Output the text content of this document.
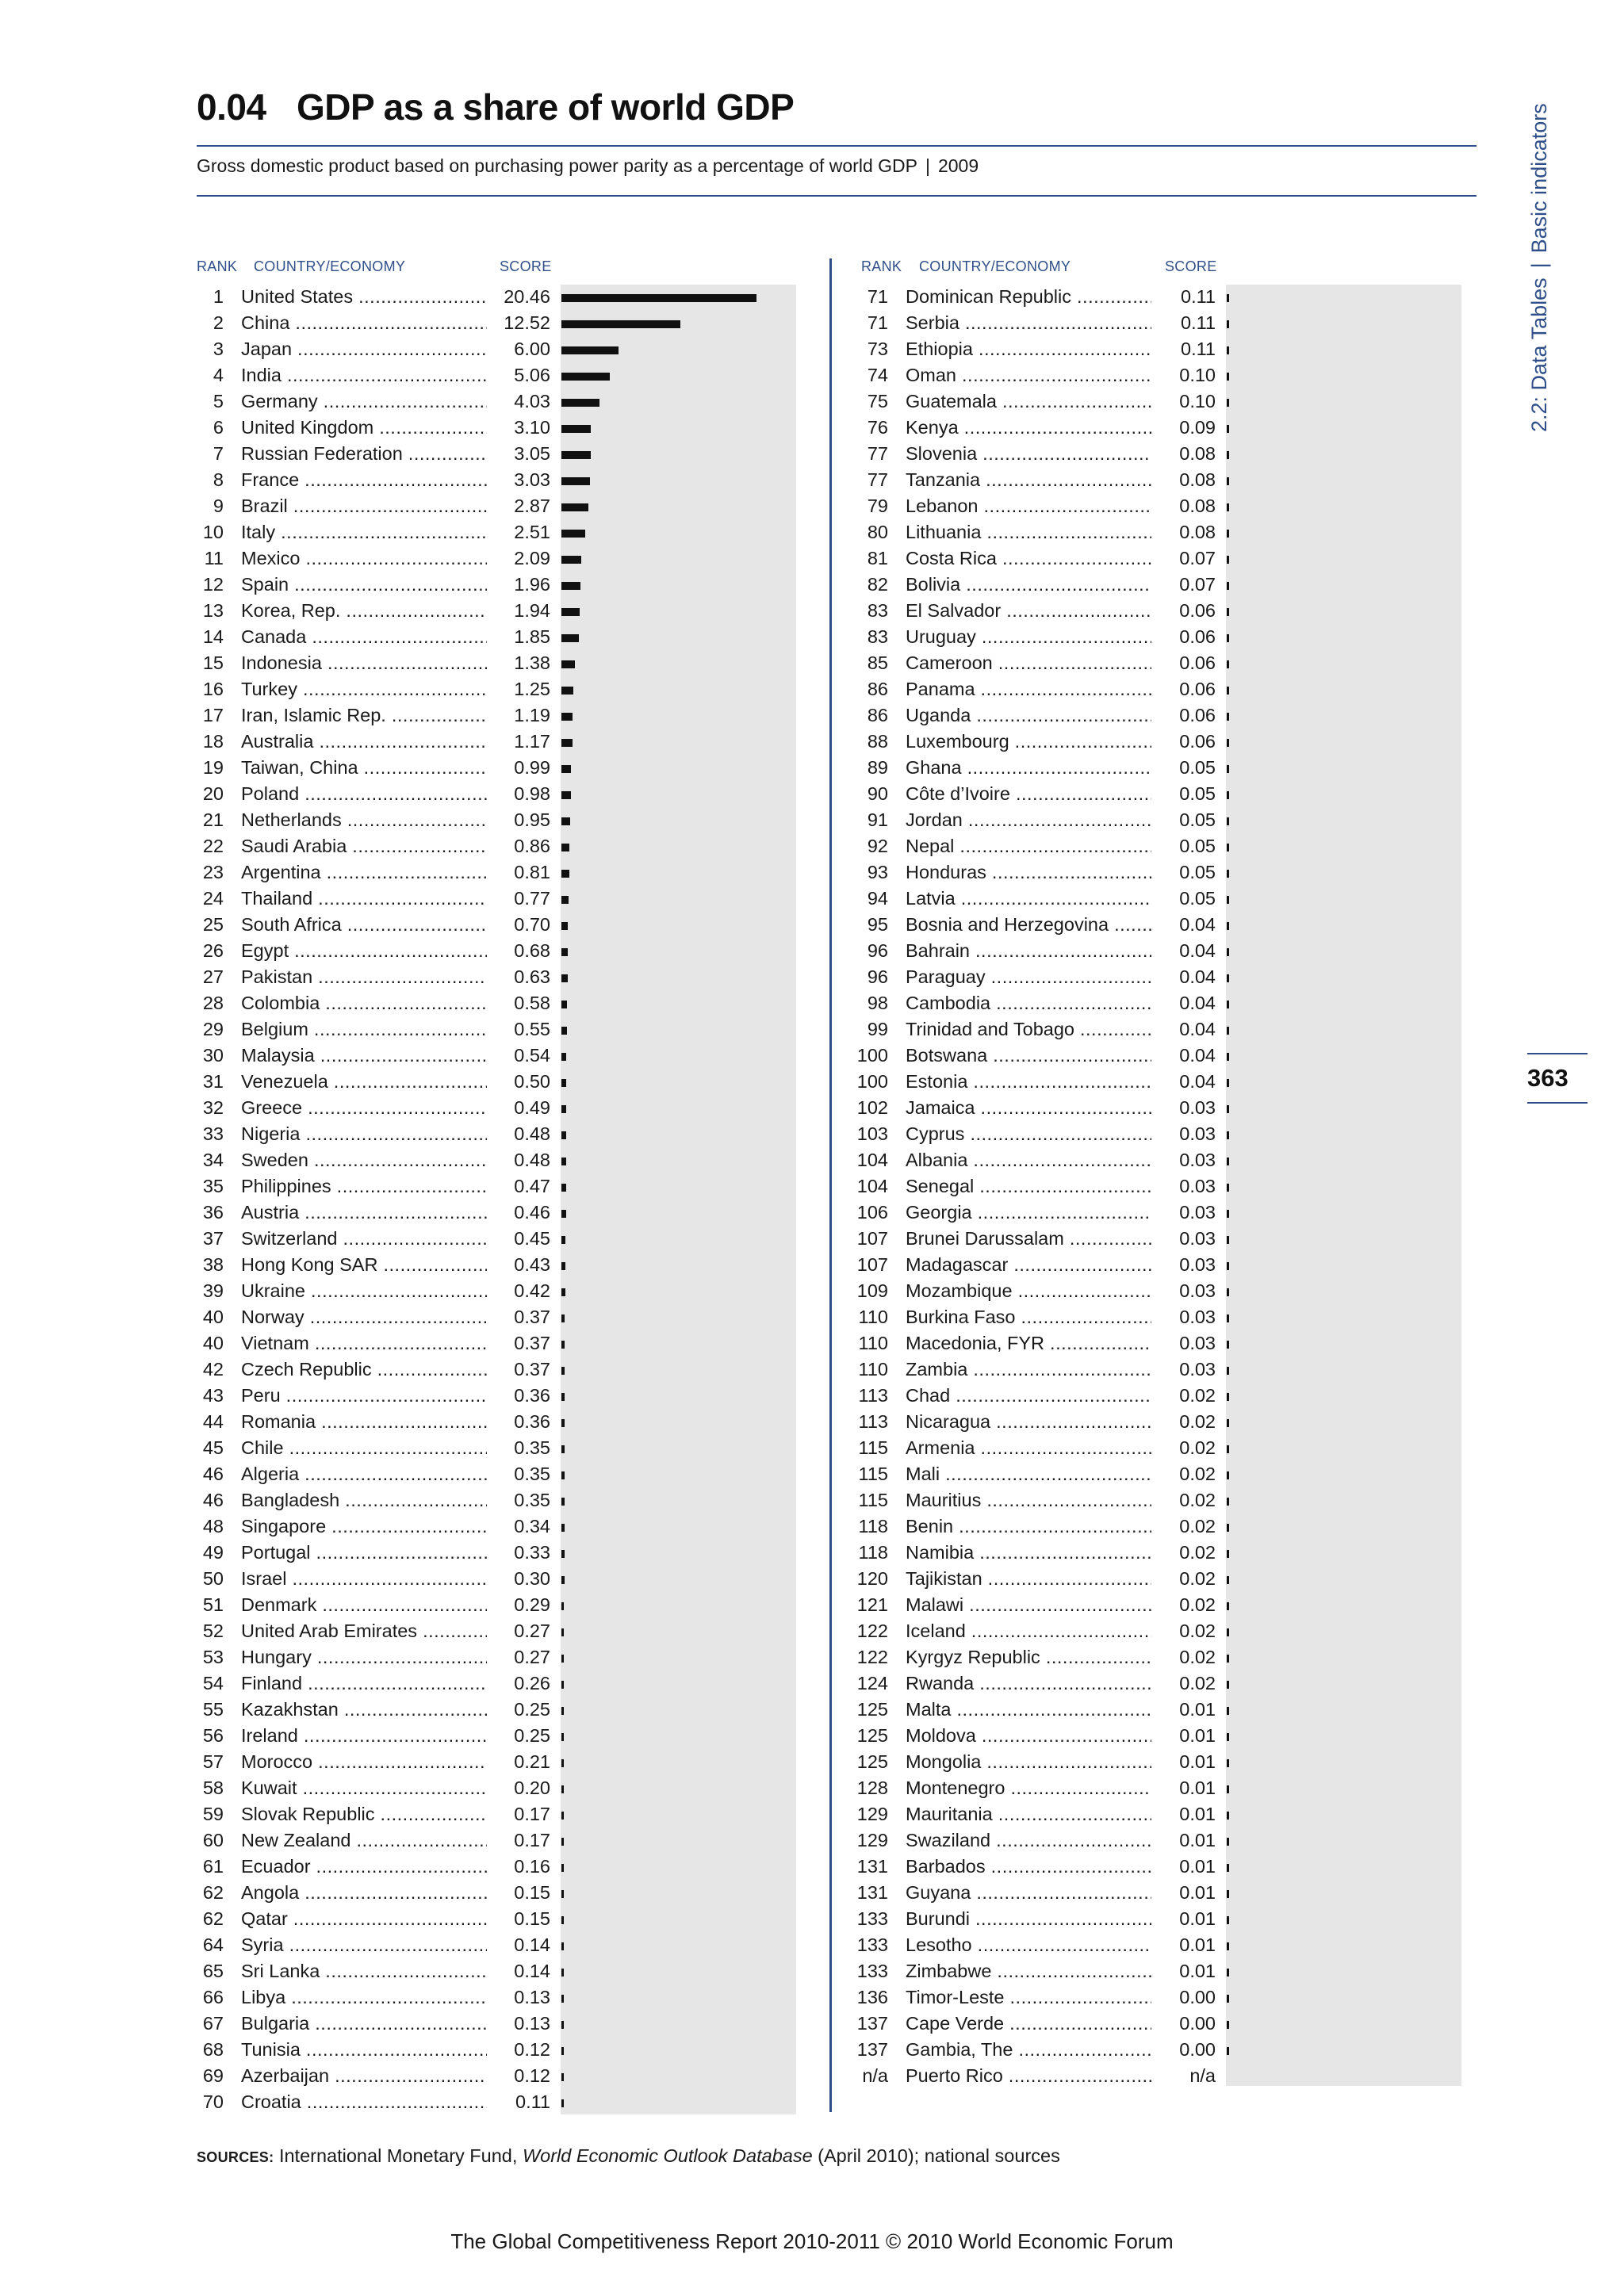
0.04 GDP as a share of world GDP
Gross domestic product based on purchasing power parity as a percentage of world GDP | 2009
2.2: Data Tables|Basic indicators
363
RANK COUNTRY/ECONOMY	SCORE	RANK COUNTRY/ECONOMY	SCORE
1 United States .....	20.46
2 China .....	12.52
3 Japan .....	6.00
4 India .....	5.06
5 Germany .....	4.03
6 United Kingdom .....	3.10
7 Russian Federation .....	3.05
8 France .....	3.03
9 Brazil .....	2.87
10 Italy .....	2.51
11 Mexico .....	2.09
12 Spain .....	1.96
13 Korea, Rep. .....	1.94
14 Canada .....	1.85
15 Indonesia .....	1.38
16 Turkey .....	1.25
17 Iran, Islamic Rep. .....	1.19
18 Australia .....	1.17
19 Taiwan, China .....	0.99
20 Poland .....	0.98
21 Netherlands .....	0.95
22 Saudi Arabia .....	0.86
23 Argentina .....	0.81
24 Thailand .....	0.77
25 South Africa .....	0.70
26 Egypt .....	0.68
27 Pakistan .....	0.63
28 Colombia .....	0.58
29 Belgium .....	0.55
30 Malaysia .....	0.54
31 Venezuela .....	0.50
32 Greece .....	0.49
33 Nigeria .....	0.48
34 Sweden .....	0.48
35 Philippines .....	0.47
36 Austria .....	0.46
37 Switzerland .....	0.45
38 Hong Kong SAR .....	0.43
39 Ukraine .....	0.42
40 Norway .....	0.37
40 Vietnam .....	0.37
42 Czech Republic .....	0.37
43 Peru .....	0.36
44 Romania .....	0.36
45 Chile .....	0.35
46 Algeria .....	0.35
46 Bangladesh .....	0.35
48 Singapore .....	0.34
49 Portugal .....	0.33
50 Israel .....	0.30
51 Denmark .....	0.29
52 United Arab Emirates .....	0.27
53 Hungary .....	0.27
54 Finland .....	0.26
55 Kazakhstan .....	0.25
56 Ireland .....	0.25
57 Morocco .....	0.21
58 Kuwait .....	0.20
59 Slovak Republic .....	0.17
60 New Zealand .....	0.17
61 Ecuador .....	0.16
62 Angola .....	0.15
62 Qatar .....	0.15
64 Syria .....	0.14
65 Sri Lanka .....	0.14
66 Libya .....	0.13
67 Bulgaria .....	0.13
68 Tunisia .....	0.12
69 Azerbaijan .....	0.12
70 Croatia .....	0.11
71 Dominican Republic .....	0.11
71 Serbia .....	0.11
73 Ethiopia .....	0.11
74 Oman .....	0.10
75 Guatemala .....	0.10
76 Kenya .....	0.09
77 Slovenia .....	0.08
77 Tanzania .....	0.08
79 Lebanon .....	0.08
80 Lithuania .....	0.08
81 Costa Rica .....	0.07
82 Bolivia .....	0.07
83 El Salvador .....	0.06
83 Uruguay .....	0.06
85 Cameroon .....	0.06
86 Panama .....	0.06
86 Uganda .....	0.06
88 Luxembourg .....	0.06
89 Ghana .....	0.05
90 Côte d’Ivoire .....	0.05
91 Jordan .....	0.05
92 Nepal .....	0.05
93 Honduras .....	0.05
94 Latvia .....	0.05
95 Bosnia and Herzegovina .....	0.04
96 Bahrain .....	0.04
96 Paraguay .....	0.04
98 Cambodia .....	0.04
99 Trinidad and Tobago .....	0.04
100 Botswana .....	0.04
100 Estonia .....	0.04
102 Jamaica .....	0.03
103 Cyprus .....	0.03
104 Albania .....	0.03
104 Senegal .....	0.03
106 Georgia .....	0.03
107 Brunei Darussalam .....	0.03
107 Madagascar .....	0.03
109 Mozambique .....	0.03
110 Burkina Faso .....	0.03
110 Macedonia, FYR .....	0.03
110 Zambia .....	0.03
113 Chad .....	0.02
113 Nicaragua .....	0.02
115 Armenia .....	0.02
115 Mali .....	0.02
115 Mauritius .....	0.02
118 Benin .....	0.02
118 Namibia .....	0.02
120 Tajikistan .....	0.02
121 Malawi .....	0.02
122 Iceland .....	0.02
122 Kyrgyz Republic .....	0.02
124 Rwanda .....	0.02
125 Malta .....	0.01
125 Moldova .....	0.01
125 Mongolia .....	0.01
128 Montenegro .....	0.01
129 Mauritania .....	0.01
129 Swaziland .....	0.01
131 Barbados .....	0.01
131 Guyana .....	0.01
133 Burundi .....	0.01
133 Lesotho .....	0.01
133 Zimbabwe .....	0.01
136 Timor-Leste .....	0.00
137 Cape Verde .....	0.00
137 Gambia, The .....	0.00
n/a Puerto Rico .....	n/a
SOURCES: International Monetary Fund, World Economic Outlook Database (April 2010); national sources
The Global Competitiveness Report 2010-2011 © 2010 World Economic Forum
